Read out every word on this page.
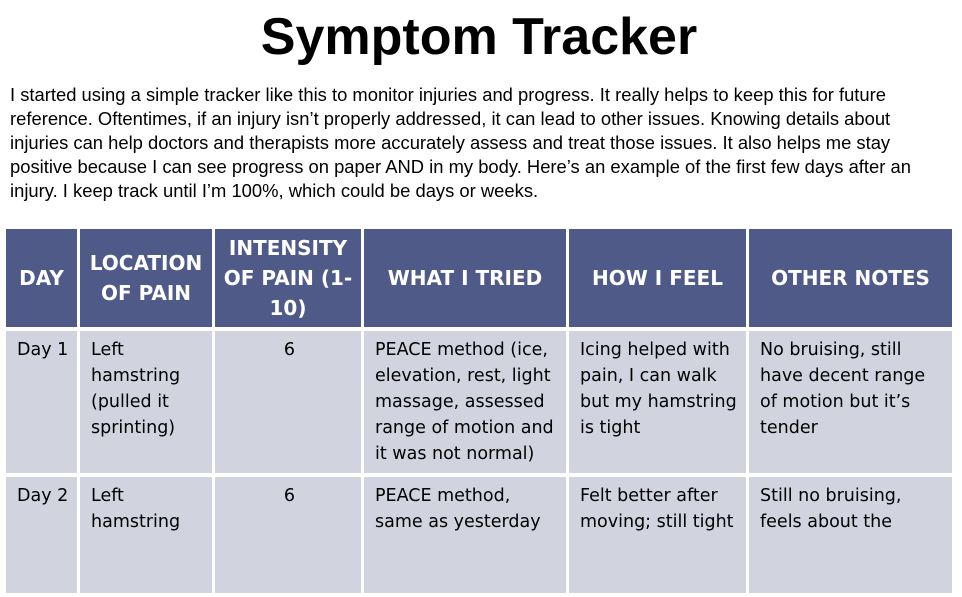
Symptom Tracker

I started using a simple tracker like this to monitor injuries and progress. It really helps to keep this for future reference. Oftentimes, if an injury isn’t properly addressed, it can lead to other issues. Knowing details about injuries can help doctors and therapists more accurately assess and treat those issues. It also helps me stay positive because I can see progress on paper AND in my body. Here’s an example of the first few days after an injury. I keep track until I’m 100%, which could be days or weeks.

DAY	LOCATION OF PAIN	INTENSITY OF PAIN (1-10)	WHAT I TRIED	HOW I FEEL	OTHER NOTES
Day 1	Left hamstring (pulled it sprinting)	6	PEACE method (ice, elevation, rest, light massage, assessed range of motion and it was not normal)	Icing helped with pain, I can walk but my hamstring is tight	No bruising, still have decent range of motion but it’s tender
Day 2	Left hamstring	6	PEACE method, same as yesterday	Felt better after moving; still tight	Still no bruising, feels about the
